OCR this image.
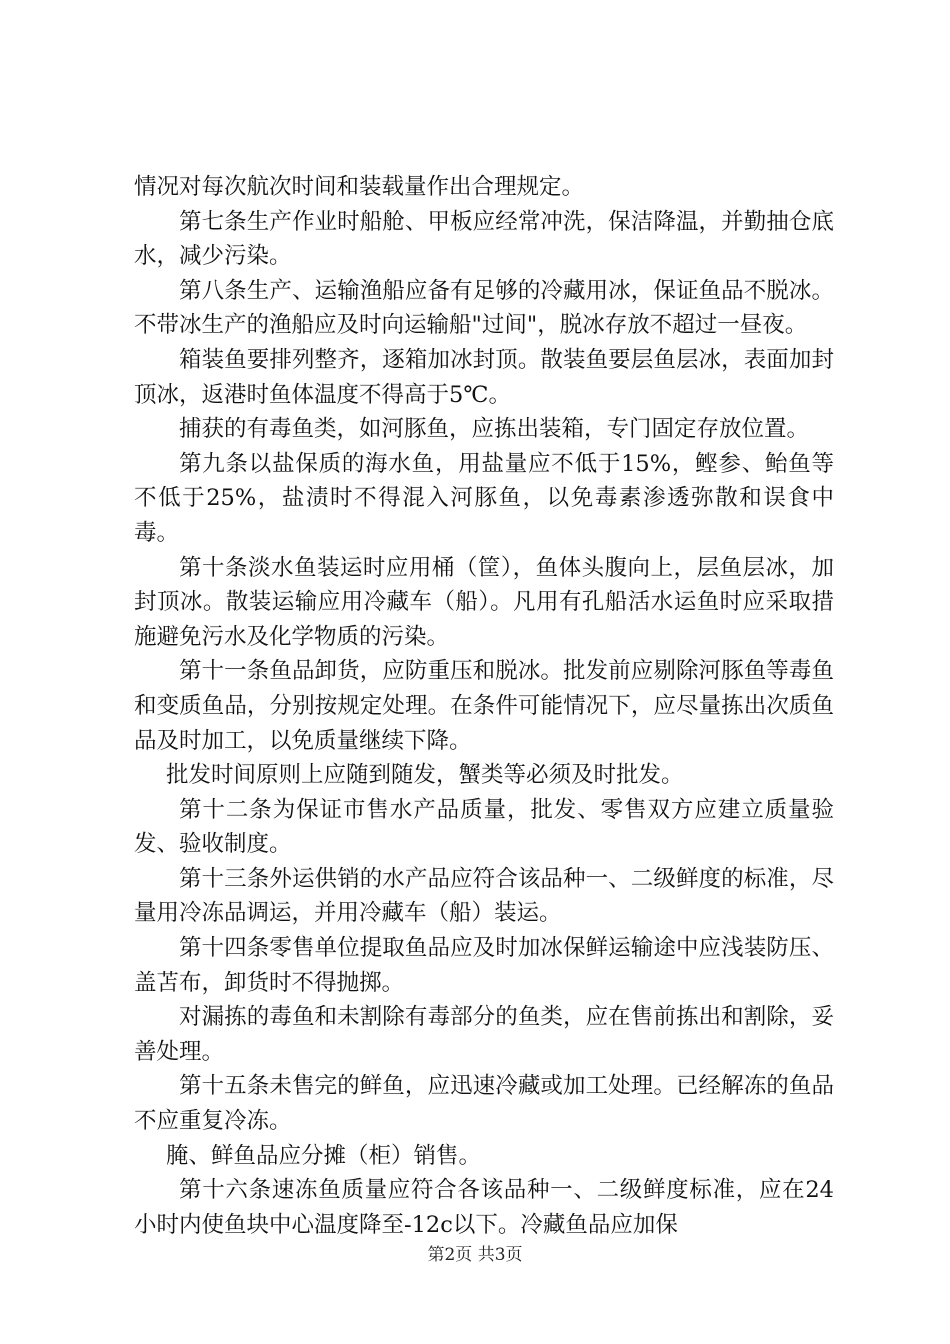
情况对每次航次时间和装载量作出合理规定。

第七条生产作业时船舱、甲板应经常冲洗，保洁降温，并勤抽仓底水，减少污染。

第八条生产、运输渔船应备有足够的冷藏用冰，保证鱼品不脱冰。不带冰生产的渔船应及时向运输船"过间"，脱冰存放不超过一昼夜。

箱装鱼要排列整齐，逐箱加冰封顶。散装鱼要层鱼层冰，表面加封顶冰，返港时鱼体温度不得高于5℃。

捕获的有毒鱼类，如河豚鱼，应拣出装箱，专门固定存放位置。

第九条以盐保质的海水鱼，用盐量应不低于15%，鲣参、鲐鱼等不低于25%，盐渍时不得混入河豚鱼，以免毒素渗透弥散和误食中毒。

第十条淡水鱼装运时应用桶（筐），鱼体头腹向上，层鱼层冰，加封顶冰。散装运输应用冷藏车（船）。凡用有孔船活水运鱼时应采取措施避免污水及化学物质的污染。

第十一条鱼品卸货，应防重压和脱冰。批发前应剔除河豚鱼等毒鱼和变质鱼品，分别按规定处理。在条件可能情况下，应尽量拣出次质鱼品及时加工，以免质量继续下降。

批发时间原则上应随到随发，蟹类等必须及时批发。

第十二条为保证市售水产品质量，批发、零售双方应建立质量验发、验收制度。

第十三条外运供销的水产品应符合该品种一、二级鲜度的标准，尽量用冷冻品调运，并用冷藏车（船）装运。

第十四条零售单位提取鱼品应及时加冰保鲜运输途中应浅装防压、盖苫布，卸货时不得抛掷。

对漏拣的毒鱼和未割除有毒部分的鱼类，应在售前拣出和割除，妥善处理。

第十五条未售完的鲜鱼，应迅速冷藏或加工处理。已经解冻的鱼品不应重复冷冻。

腌、鲜鱼品应分摊（柜）销售。

第十六条速冻鱼质量应符合各该品种一、二级鲜度标准，应在24小时内使鱼块中心温度降至-12c以下。冷藏鱼品应加保

第2页 共3页
